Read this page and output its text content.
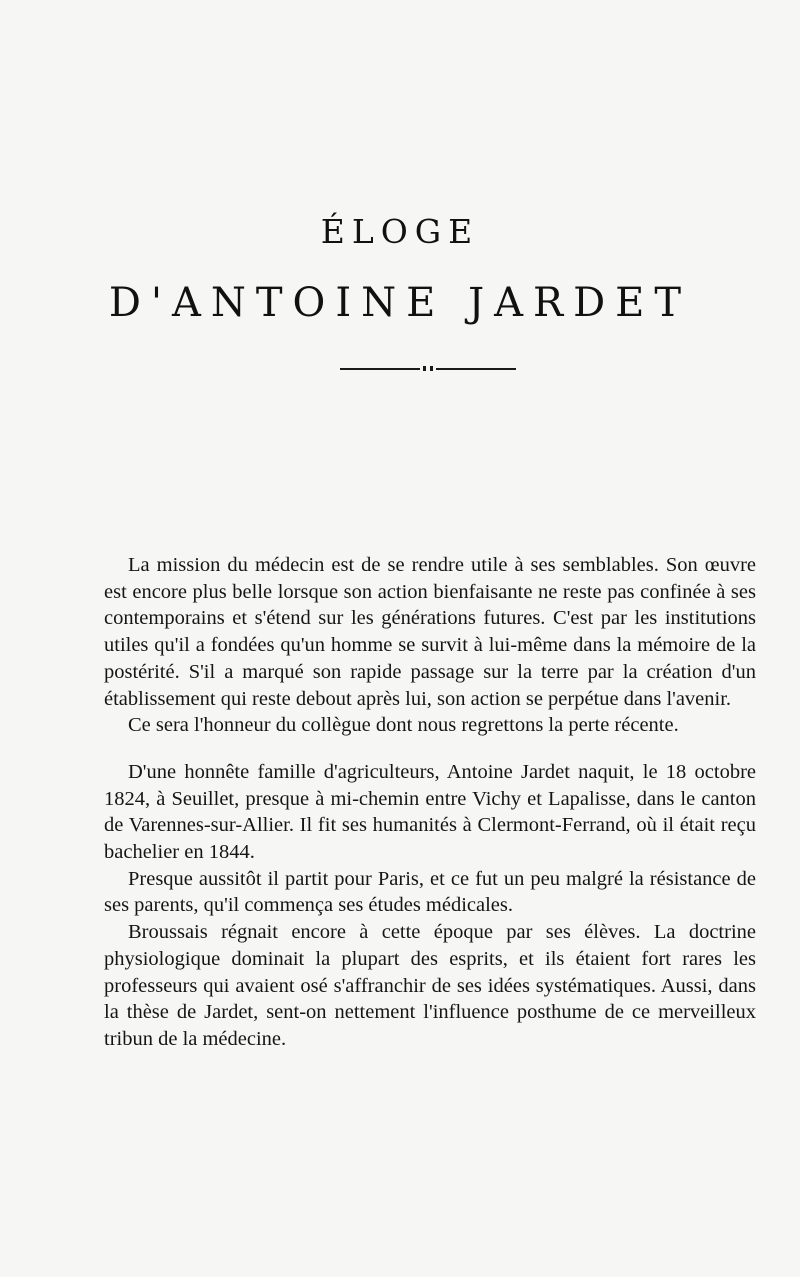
ÉLOGE
D'ANTOINE JARDET

La mission du médecin est de se rendre utile à ses semblables. Son œuvre est encore plus belle lorsque son action bienfaisante ne reste pas confinée à ses contemporains et s'étend sur les générations futures. C'est par les institutions utiles qu'il a fondées qu'un homme se survit à lui-même dans la mémoire de la postérité. S'il a marqué son rapide passage sur la terre par la création d'un établissement qui reste debout après lui, son action se perpétue dans l'avenir.

Ce sera l'honneur du collègue dont nous regrettons la perte récente.

D'une honnête famille d'agriculteurs, Antoine Jardet naquit, le 18 octobre 1824, à Seuillet, presque à mi-chemin entre Vichy et Lapalisse, dans le canton de Varennes-sur-Allier. Il fit ses humanités à Clermont-Ferrand, où il était reçu bachelier en 1844.

Presque aussitôt il partit pour Paris, et ce fut un peu malgré la résistance de ses parents, qu'il commença ses études médicales.

Broussais régnait encore à cette époque par ses élèves. La doctrine physiologique dominait la plupart des esprits, et ils étaient fort rares les professeurs qui avaient osé s'affranchir de ses idées systématiques. Aussi, dans la thèse de Jardet, sent-on nettement l'influence posthume de ce merveilleux tribun de la médecine.
